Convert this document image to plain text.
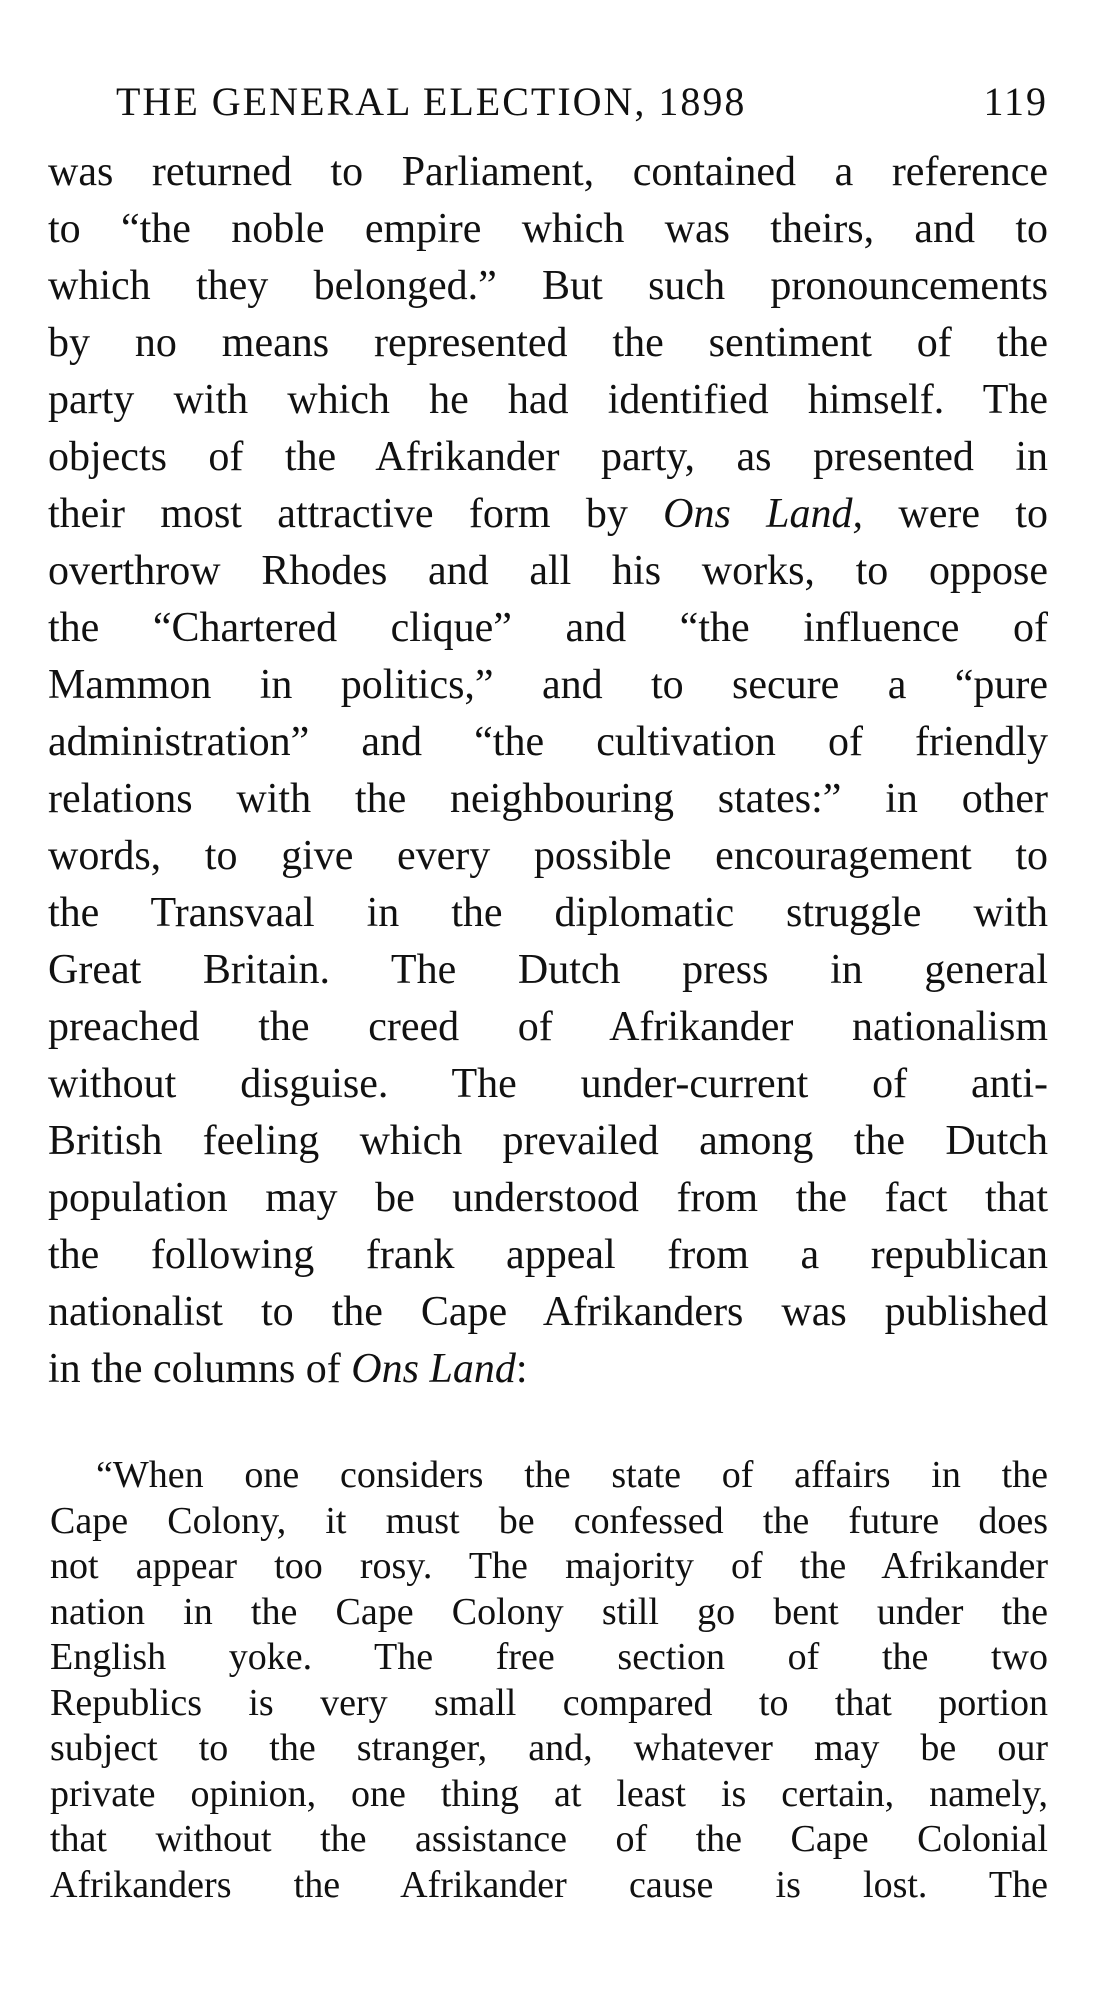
THE GENERAL ELECTION, 1898	119
was returned to Parliament, contained a reference
to “the noble empire which was theirs, and to
which they belonged.” But such pronouncements
by no means represented the sentiment of the
party with which he had identified himself. The
objects of the Afrikander party, as presented in
their most attractive form by Ons Land, were to
overthrow Rhodes and all his works, to oppose
the “Chartered clique” and “the influence of
Mammon in politics,” and to secure a “pure
administration” and “the cultivation of friendly
relations with the neighbouring states:” in other
words, to give every possible encouragement to
the Transvaal in the diplomatic struggle with
Great Britain. The Dutch press in general
preached the creed of Afrikander nationalism
without disguise. The under-current of anti-
British feeling which prevailed among the Dutch
population may be understood from the fact that
the following frank appeal from a republican
nationalist to the Cape Afrikanders was published
in the columns of Ons Land:
“When one considers the state of affairs in the
Cape Colony, it must be confessed the future does
not appear too rosy. The majority of the Afrikander
nation in the Cape Colony still go bent under the
English yoke. The free section of the two
Republics is very small compared to that portion
subject to the stranger, and, whatever may be our
private opinion, one thing at least is certain, namely,
that without the assistance of the Cape Colonial
Afrikanders the Afrikander cause is lost. The
